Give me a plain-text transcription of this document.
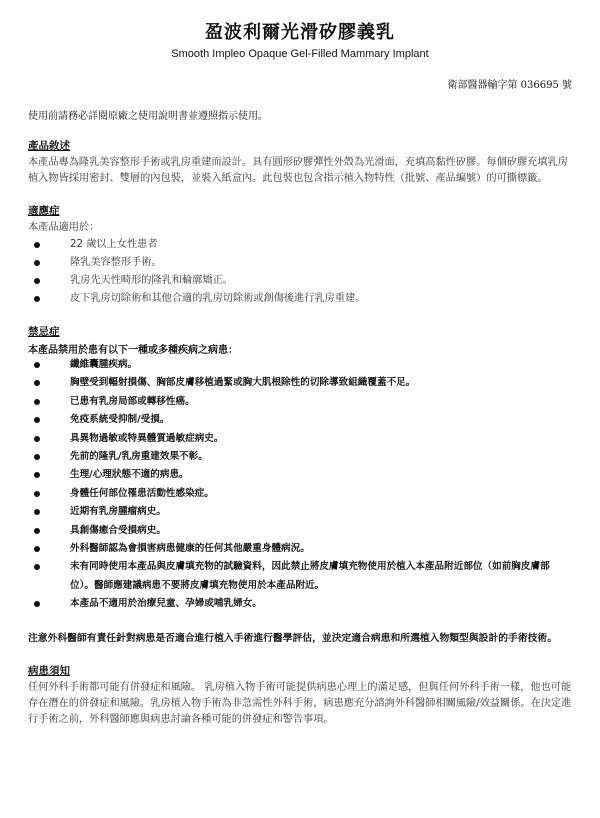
盈波利爾光滑矽膠義乳
Smooth Impleo Opaque Gel-Filled Mammary Implant
衛部醫器輸字第 036695 號
使用前請務必詳閱原廠之使用說明書並遵照指示使用。
產品敘述
本產品專為隆乳美容整形手術或乳房重建而設計。具有圓形矽膠彈性外殼為光滑面，充填高黏性矽膠。每個矽膠充填乳房植入物皆採用密封、雙層的內包裝，並裝入紙盒內。此包裝也包含指示植入物特性（批號、產品編號）的可撕標籤。
適應症
本產品適用於：
22 歲以上女性患者
隆乳美容整形手術。
乳房先天性畸形的隆乳和輪廓矯正。
皮下乳房切除術和其他合適的乳房切除術或創傷後進行乳房重建。
禁忌症
本產品禁用於患有以下一種或多種疾病之病患：
纖維囊腫疾病。
胸壁受到輻射損傷、胸部皮膚移植過緊或胸大肌根除性的切除導致組織覆蓋不足。
已患有乳房局部或轉移性癌。
免疫系統受抑制/受損。
具異物過敏或特異體質過敏症病史。
先前的隆乳/乳房重建效果不彰。
生理/心理狀態不適的病患。
身體任何部位罹患活動性感染症。
近期有乳房腫瘤病史。
具創傷癒合受損病史。
外科醫師認為會損害病患健康的任何其他嚴重身體病況。
未有同時使用本產品與皮膚填充物的試驗資料，因此禁止將皮膚填充物使用於植入本產品附近部位（如前胸皮膚部位）。醫師應建議病患不要將皮膚填充物使用於本產品附近。
本產品不適用於治療兒童、孕婦或哺乳婦女。
注意外科醫師有責任針對病患是否適合進行植入手術進行醫學評估，並決定適合病患和所選植入物類型與設計的手術技術。
病患須知
任何外科手術都可能有併發症和風險。 乳房植入物手術可能提供病患心理上的滿足感，但與任何外科手術一樣，他也可能存在潛在的併發症和風險。乳房植入物手術為非急需性外科手術，病患應充分諮詢外科醫師相關風險/效益關係。在決定進行手術之前，外科醫師應與病患討論各種可能的併發症和警告事項。
